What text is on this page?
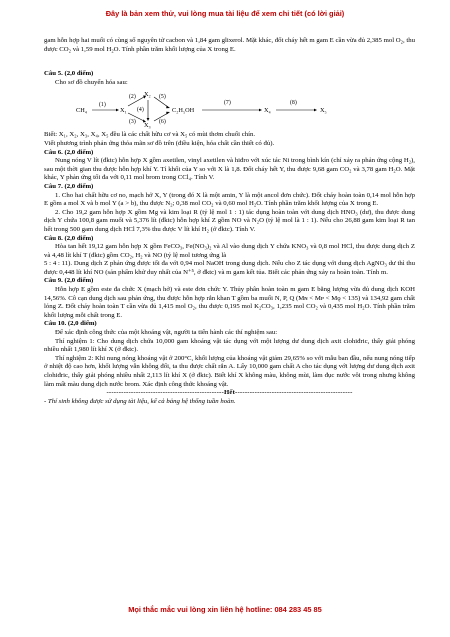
Đây là bản xem thử, vui lòng mua tài liệu để xem chi tiết (có lời giải)

gam hỗn hợp hai muối có cùng số nguyên tử cacbon và 1,84 gam glixerol. Mặt khác, đốt cháy hết m gam E cần vừa đủ 2,385 mol O₂, thu được CO₂ và 1,59 mol H₂O. Tính phần trăm khối lượng của X trong E.

Câu 5. (2,0 điểm)

Cho sơ đồ chuyển hóa sau:

CH₄	X₁
X₂
X₃
C₂H₅OH	X₄	X₅
(1)
(2)
(3)
(4)
(5)
(6)
(7)	(8)

Biết: X₁, X₂, X₃, X₄, X₅ đều là các chất hữu cơ và X₅ có mùi thơm chuối chín.

Viết phương trình phản ứng thỏa mãn sơ đồ trên (điều kiện, hóa chất cần thiết có đủ).

Câu 6. (2,0 điểm)

Nung nóng V lít (đktc) hỗn hợp X gồm axetilen, vinyl axetilen và hiđro với xúc tác Ni trong bình kín (chỉ xảy ra phản ứng cộng H₂), sau một thời gian thu được hỗn hợp khí Y. Tỉ khối của Y so với X là 1,8. Đốt cháy hết Y, thu được 9,68 gam CO₂ và 3,78 gam H₂O. Mặt khác, Y phản ứng tối đa với 0,11 mol brom trong CCl₄. Tính V.

Câu 7. (2,0 điểm)

1. Cho hai chất hữu cơ no, mạch hở X, Y (trong đó X là một amin, Y là một ancol đơn chức). Đốt cháy hoàn toàn 0,14 mol hỗn hợp E gồm a mol X và b mol Y (a > b), thu được N₂; 0,38 mol CO₂ và 0,60 mol H₂O. Tính phần trăm khối lượng của X trong E.

2. Cho 19,2 gam hỗn hợp X gồm Mg và kim loại R (tỷ lệ mol 1 : 1) tác dụng hoàn toàn với dung dịch HNO₃ (dư), thu được dung dịch Y chứa 100,8 gam muối và 5,376 lít (đktc) hỗn hợp khí Z gồm NO và N₂O (tỷ lệ mol là 1 : 1). Nếu cho 26,88 gam kim loại R tan hết trong 500 gam dung dịch HCl 7,3% thu được V lít khí H₂ (ở đktc). Tính V.

Câu 8. (2,0 điểm)

Hòa tan hết 19,12 gam hỗn hợp X gồm FeCO₃, Fe(NO₃)₂ và Al vào dung dịch Y chứa KNO₃ và 0,8 mol HCl, thu được dung dịch Z và 4,48 lít khí T (đktc) gồm CO₂, H₂ và NO (tỷ lệ mol tương ứng là

5 : 4 : 11). Dung dịch Z phản ứng được tối đa với 0,94 mol NaOH trong dung dịch. Nếu cho Z tác dụng với dung dịch AgNO₃ dư thì thu được 0,448 lít khí NO (sản phẩm khử duy nhất của N⁺⁵, ở đktc) và m gam kết tủa. Biết các phản ứng xảy ra hoàn toàn. Tính m.

Câu 9. (2,0 điểm)

Hỗn hợp E gồm este đa chức X (mạch hở) và este đơn chức Y. Thủy phân hoàn toàn m gam E bằng lượng vừa đủ dung dịch KOH 14,56%. Cô cạn dung dịch sau phản ứng, thu được hỗn hợp rắn khan T gồm ba muối N, P, Q (Mɴ < Mᴘ < Mǫ < 135) và 134,92 gam chất lỏng Z. Đốt cháy hoàn toàn T cần vừa đủ 1,415 mol O₂, thu được 0,195 mol K₂CO₃, 1,235 mol CO₂ và 0,435 mol H₂O. Tính phần trăm khối lượng mỗi chất trong E.

Câu 10. (2,0 điểm)

Để xác định công thức của một khoáng vật, người ta tiến hành các thí nghiệm sau:

Thí nghiệm 1: Cho dung dịch chứa 10,000 gam khoáng vật tác dụng với một lượng dư dung dịch axit clohiđric, thấy giải phóng nhiều nhất 1,980 lít khí X (ở đktc).

Thí nghiệm 2: Khi nung nóng khoáng vật ở 200°C, khối lượng của khoáng vật giảm 29,65% so với mẫu ban đầu, nếu nung nóng tiếp ở nhiệt độ cao hơn, khối lượng vẫn không đổi, ta thu được chất rắn A. Lấy 10,000 gam chất A cho tác dụng với lượng dư dung dịch axit clohiđric, thấy giải phóng nhiều nhất 2,113 lít khí X (ở đktc). Biết khí X không màu, không mùi, làm đục nước vôi trong nhưng không làm mất màu dung dịch nước brom. Xác định công thức khoáng vật.

------------------------------------------------Hết------------------------------------------------

- Thí sinh không được sử dụng tài liệu, kể cả bảng hệ thống tuần hoàn.

Mọi thắc mắc vui lòng xin liên hệ hotline: 084 283 45 85
